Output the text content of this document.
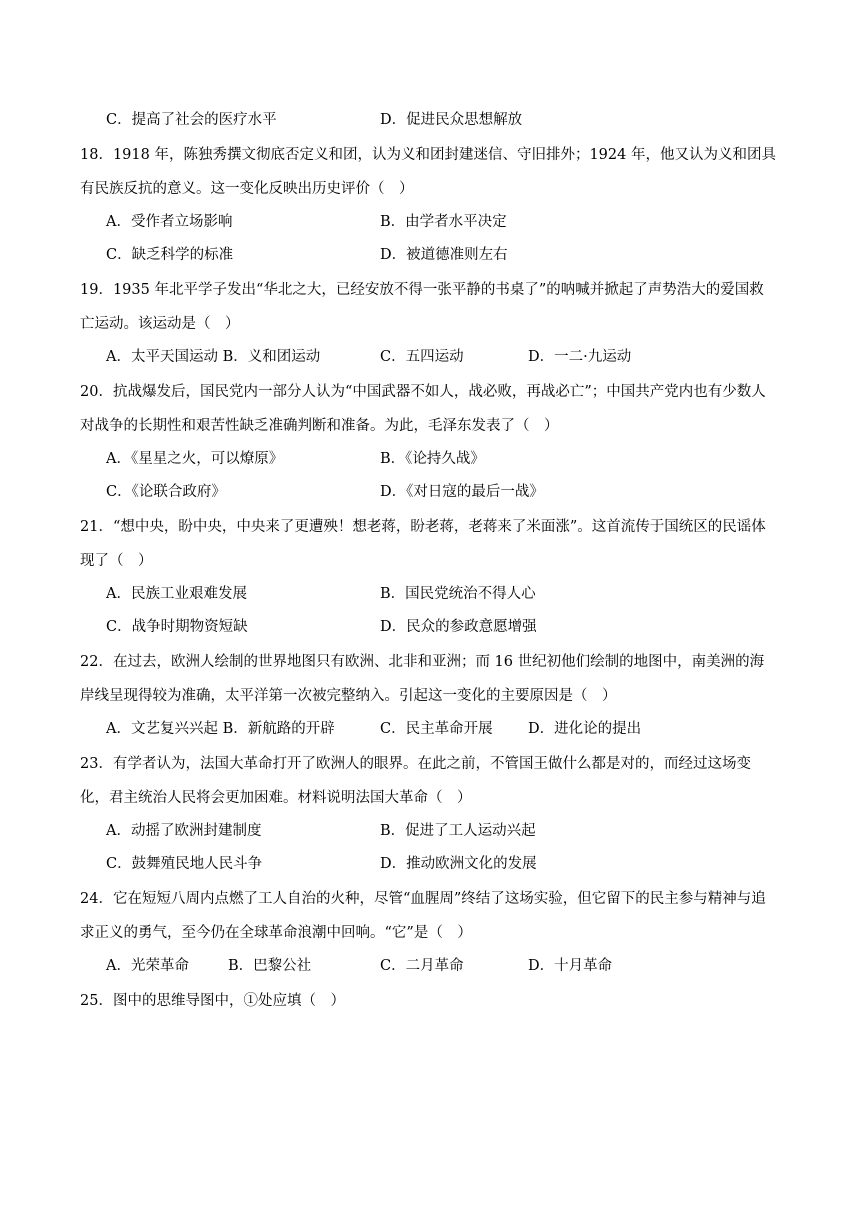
C．提高了社会的医疗水平	D．促进民众思想解放
18．1918 年，陈独秀撰文彻底否定义和团，认为义和团封建迷信、守旧排外；1924 年，他又认为义和团具
有民族反抗的意义。这一变化反映出历史评价（　）
A．受作者立场影响	B．由学者水平决定
C．缺乏科学的标准	D．被道德准则左右
19．1935 年北平学子发出“华北之大，已经安放不得一张平静的书桌了”的呐喊并掀起了声势浩大的爱国救
亡运动。该运动是（　）
A．太平天国运动 B．义和团运动	C．五四运动	D．一二·九运动
20．抗战爆发后，国民党内一部分人认为“中国武器不如人，战必败，再战必亡”；中国共产党内也有少数人
对战争的长期性和艰苦性缺乏准确判断和准备。为此，毛泽东发表了（　）
A．《星星之火，可以燎原》	B．《论持久战》
C．《论联合政府》	D．《对日寇的最后一战》
21．“想中央，盼中央，中央来了更遭殃！想老蒋，盼老蒋，老蒋来了米面涨”。这首流传于国统区的民谣体
现了（　）
A．民族工业艰难发展	B．国民党统治不得人心
C．战争时期物资短缺	D．民众的参政意愿增强
22．在过去，欧洲人绘制的世界地图只有欧洲、北非和亚洲；而 16 世纪初他们绘制的地图中，南美洲的海
岸线呈现得较为准确，太平洋第一次被完整纳入。引起这一变化的主要原因是（　）
A．文艺复兴兴起 B．新航路的开辟	C．民主革命开展 D．进化论的提出
23．有学者认为，法国大革命打开了欧洲人的眼界。在此之前，不管国王做什么都是对的，而经过这场变
化，君主统治人民将会更加困难。材料说明法国大革命（　）
A．动摇了欧洲封建制度	B．促进了工人运动兴起
C．鼓舞殖民地人民斗争	D．推动欧洲文化的发展
24．它在短短八周内点燃了工人自治的火种，尽管“血腥周”终结了这场实验，但它留下的民主参与精神与追
求正义的勇气，至今仍在全球革命浪潮中回响。“它”是（　）
A．光荣革命	B．巴黎公社	C．二月革命	D．十月革命
25．图中的思维导图中，①处应填（　）
